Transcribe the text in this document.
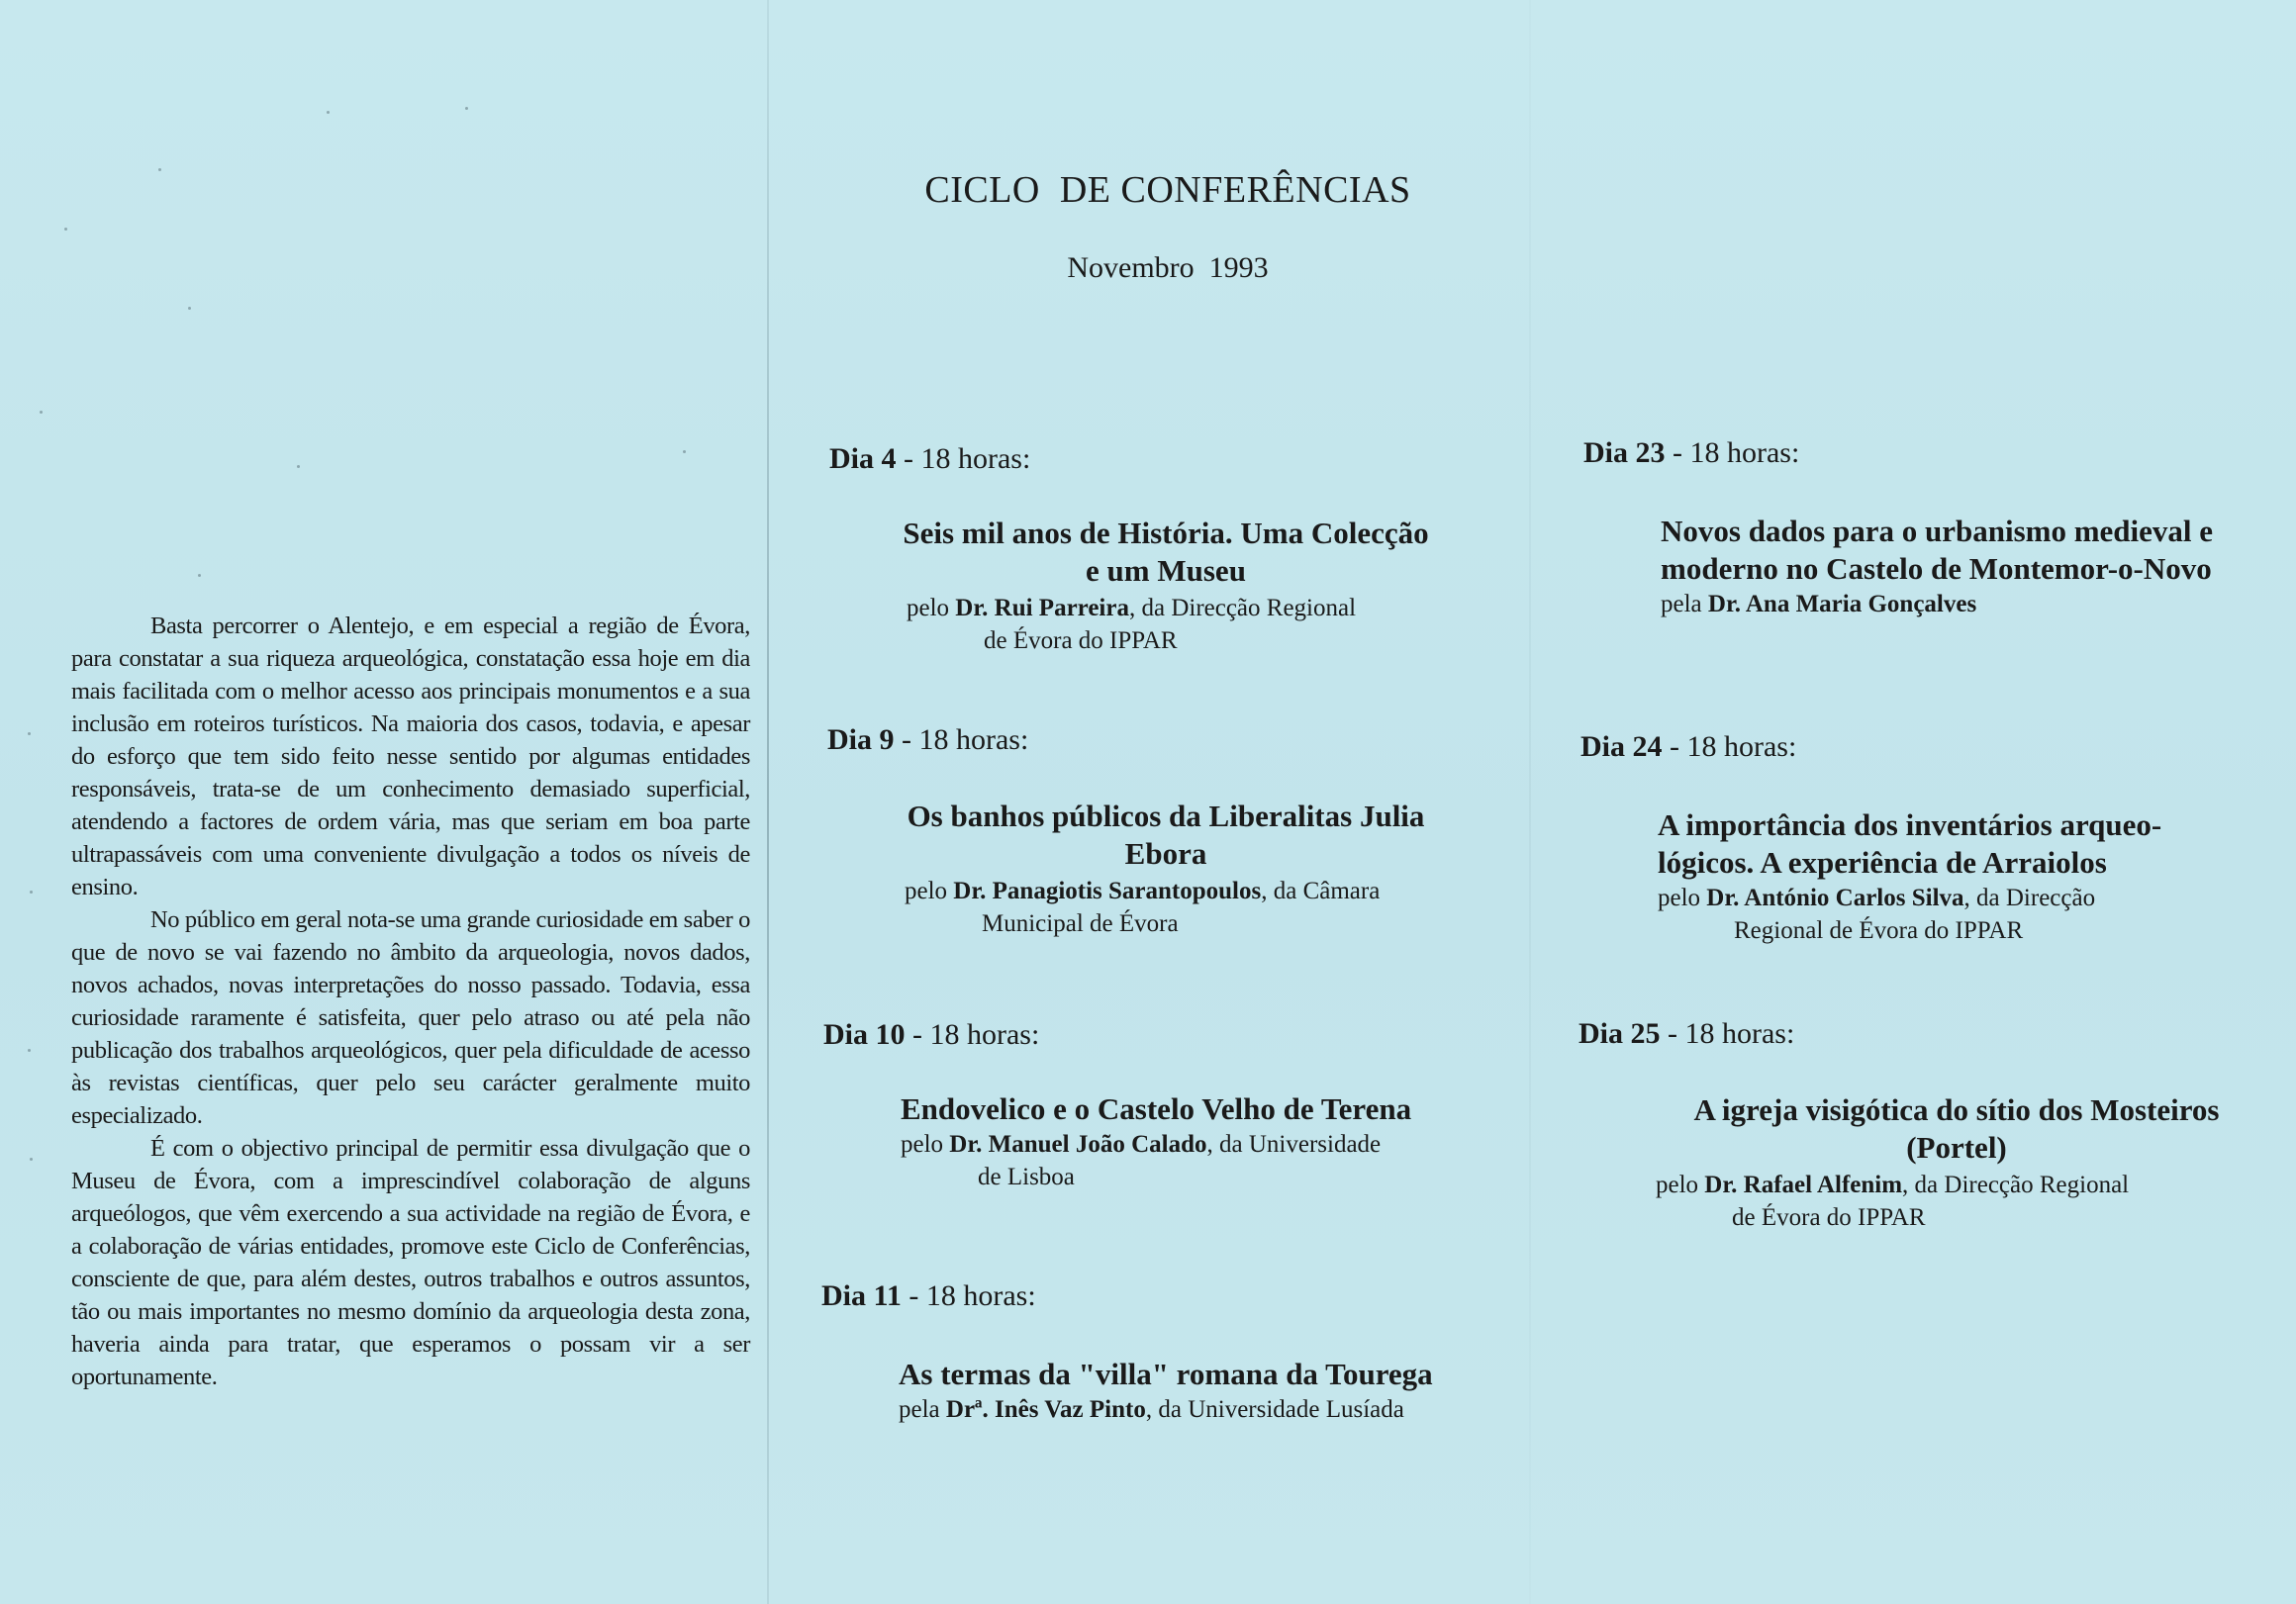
Basta percorrer o Alentejo, e em especial a região de Évora, para constatar a sua riqueza arqueológica, constatação essa hoje em dia mais facilitada com o melhor acesso aos principais monumentos e a sua inclusão em roteiros turísticos. Na maioria dos casos, todavia, e apesar do esforço que tem sido feito nesse sentido por algumas entidades responsáveis, trata-se de um conhecimento demasiado superficial, atendendo a factores de ordem vária, mas que seriam em boa parte ultrapassáveis com uma conveniente divulgação a todos os níveis de ensino.

No público em geral nota-se uma grande curiosidade em saber o que de novo se vai fazendo no âmbito da arqueologia, novos dados, novos achados, novas interpretações do nosso passado. Todavia, essa curiosidade raramente é satisfeita, quer pelo atraso ou até pela não publicação dos trabalhos arqueológicos, quer pela dificuldade de acesso às revistas científicas, quer pelo seu carácter geralmente muito especializado.

É com o objectivo principal de permitir essa divulgação que o Museu de Évora, com a imprescindível colaboração de alguns arqueólogos, que vêm exercendo a sua actividade na região de Évora, e a colaboração de várias entidades, promove este Ciclo de Conferências, consciente de que, para além destes, outros trabalhos e outros assuntos, tão ou mais importantes no mesmo domínio da arqueologia desta zona, haveria ainda para tratar, que esperamos o possam vir a ser oportunamente.

CICLO  DE CONFERÊNCIAS
Novembro  1993
Dia 4 - 18 horas:
Seis mil anos de História. Uma Colecção
e um Museu
pelo Dr. Rui Parreira, da Direcção Regional
de Évora do IPPAR
Dia 9 - 18 horas:
Os banhos públicos da Liberalitas Julia
Ebora
pelo Dr. Panagiotis Sarantopoulos, da Câmara
Municipal de Évora
Dia 10 - 18 horas:
Endovelico e o Castelo Velho de Terena
pelo Dr. Manuel João Calado, da Universidade
de Lisboa
Dia 11 - 18 horas:
As termas da "villa" romana da Tourega
pela Drª. Inês Vaz Pinto, da Universidade Lusíada
Dia 23 - 18 horas:
Novos dados para o urbanismo medieval e
moderno no Castelo de Montemor-o-Novo
pela Dr. Ana Maria Gonçalves
Dia 24 - 18 horas:
A importância dos inventários arqueo-
lógicos. A experiência de Arraiolos
pelo Dr. António Carlos Silva, da Direcção
Regional de Évora do IPPAR
Dia 25 - 18 horas:
A igreja visigótica do sítio dos Mosteiros
(Portel)
pelo Dr. Rafael Alfenim, da Direcção Regional
de Évora do IPPAR
